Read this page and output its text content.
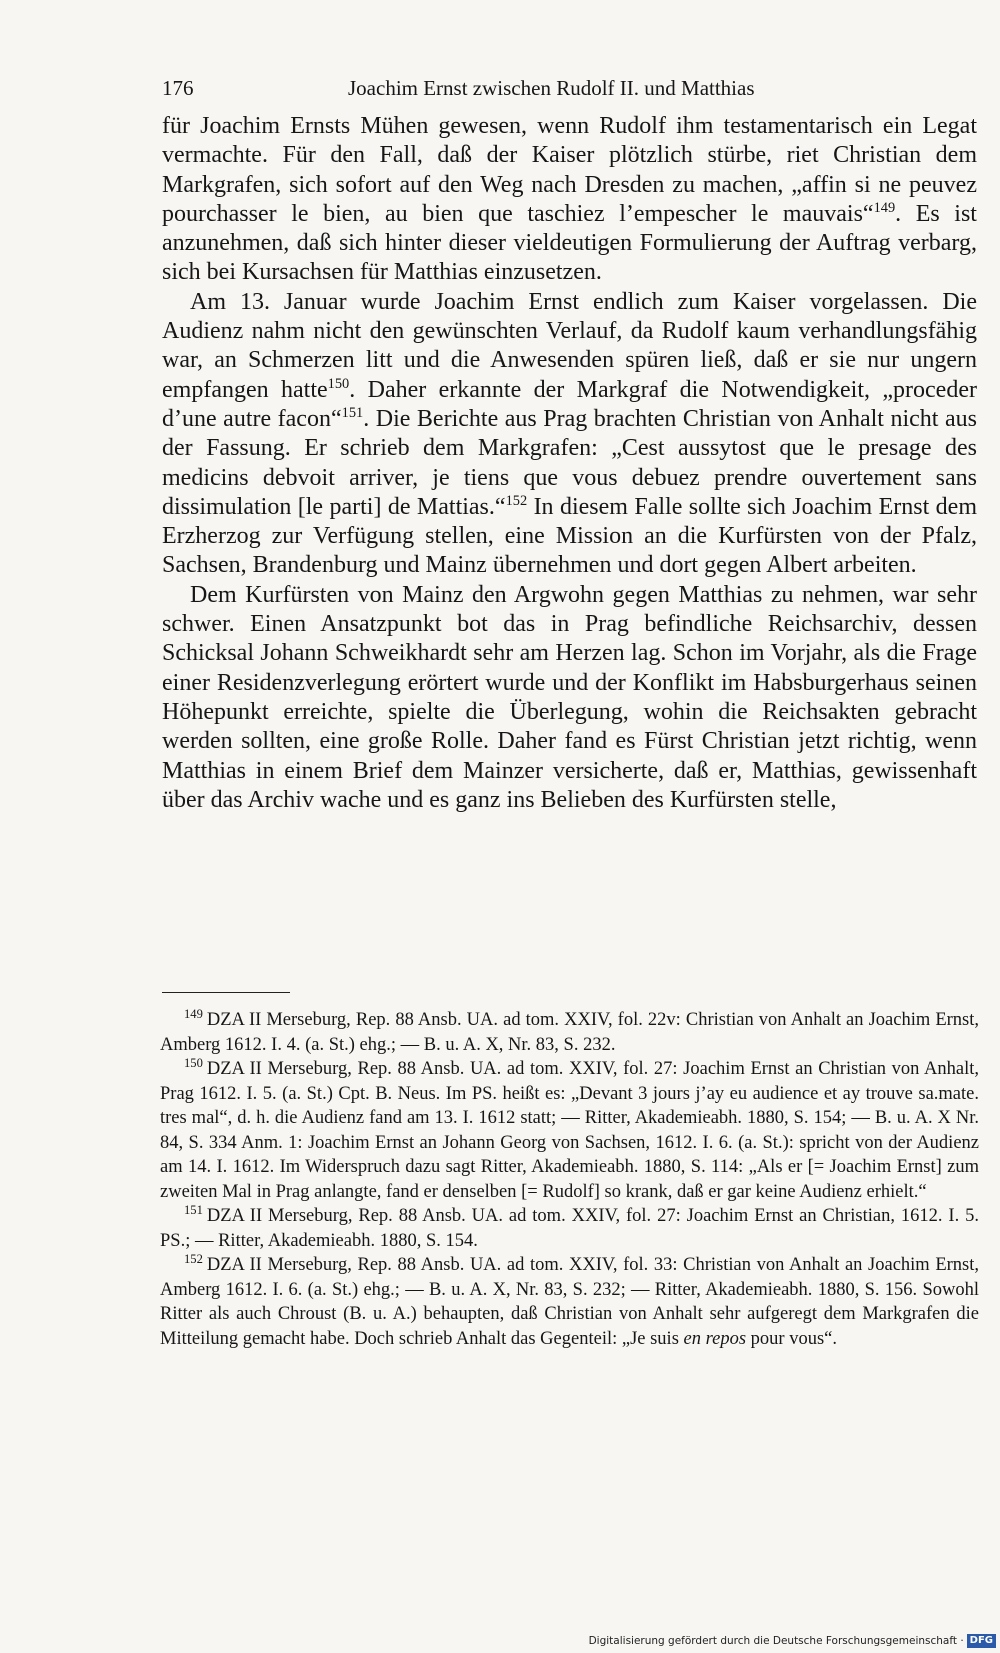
176	Joachim Ernst zwischen Rudolf II. und Matthias

für Joachim Ernsts Mühen gewesen, wenn Rudolf ihm testamentarisch ein Legat vermachte. Für den Fall, daß der Kaiser plötzlich stürbe, riet Christian dem Markgrafen, sich sofort auf den Weg nach Dresden zu machen, „affin si ne peuvez pourchasser le bien, au bien que taschiez l’empescher le mauvais“$^{149}$. Es ist anzunehmen, daß sich hinter dieser vieldeutigen Formulierung der Auftrag verbarg, sich bei Kursachsen für Matthias einzusetzen.

Am 13. Januar wurde Joachim Ernst endlich zum Kaiser vorgelassen. Die Audienz nahm nicht den gewünschten Verlauf, da Rudolf kaum verhandlungsfähig war, an Schmerzen litt und die Anwesenden spüren ließ, daß er sie nur ungern empfangen hatte$^{150}$. Daher erkannte der Markgraf die Notwendigkeit, „proceder d’une autre facon“$^{151}$. Die Berichte aus Prag brachten Christian von Anhalt nicht aus der Fassung. Er schrieb dem Markgrafen: „Cest aussytost que le presage des medicins debvoit arriver, je tiens que vous debuez prendre ouvertement sans dissimulation [le parti] de Mattias.“$^{152}$ In diesem Falle sollte sich Joachim Ernst dem Erzherzog zur Verfügung stellen, eine Mission an die Kurfürsten von der Pfalz, Sachsen, Brandenburg und Mainz übernehmen und dort gegen Albert arbeiten.

Dem Kurfürsten von Mainz den Argwohn gegen Matthias zu nehmen, war sehr schwer. Einen Ansatzpunkt bot das in Prag befindliche Reichsarchiv, dessen Schicksal Johann Schweikhardt sehr am Herzen lag. Schon im Vorjahr, als die Frage einer Residenzverlegung erörtert wurde und der Konflikt im Habsburgerhaus seinen Höhepunkt erreichte, spielte die Überlegung, wohin die Reichsakten gebracht werden sollten, eine große Rolle. Daher fand es Fürst Christian jetzt richtig, wenn Matthias in einem Brief dem Mainzer versicherte, daß er, Matthias, gewissenhaft über das Archiv wache und es ganz ins Belieben des Kurfürsten stelle,

$^{149}$ DZA II Merseburg, Rep. 88 Ansb. UA. ad tom. XXIV, fol. 22v: Christian von Anhalt an Joachim Ernst, Amberg 1612. I. 4. (a. St.) ehg.; — B. u. A. X, Nr. 83, S. 232.

$^{150}$ DZA II Merseburg, Rep. 88 Ansb. UA. ad tom. XXIV, fol. 27: Joachim Ernst an Christian von Anhalt, Prag 1612. I. 5. (a. St.) Cpt. B. Neus. Im PS. heißt es: „Devant 3 jours j’ay eu audience et ay trouve sa.mate. tres mal“, d. h. die Audienz fand am 13. I. 1612 statt; — Ritter, Akademieabh. 1880, S. 154; — B. u. A. X Nr. 84, S. 334 Anm. 1: Joachim Ernst an Johann Georg von Sachsen, 1612. I. 6. (a. St.): spricht von der Audienz am 14. I. 1612. Im Widerspruch dazu sagt Ritter, Akademieabh. 1880, S. 114: „Als er [= Joachim Ernst] zum zweiten Mal in Prag anlangte, fand er denselben [= Rudolf] so krank, daß er gar keine Audienz erhielt.“

$^{151}$ DZA II Merseburg, Rep. 88 Ansb. UA. ad tom. XXIV, fol. 27: Joachim Ernst an Christian, 1612. I. 5. PS.; — Ritter, Akademieabh. 1880, S. 154.

$^{152}$ DZA II Merseburg, Rep. 88 Ansb. UA. ad tom. XXIV, fol. 33: Christian von Anhalt an Joachim Ernst, Amberg 1612. I. 6. (a. St.) ehg.; — B. u. A. X, Nr. 83, S. 232; — Ritter, Akademieabh. 1880, S. 156. Sowohl Ritter als auch Chroust (B. u. A.) behaupten, daß Christian von Anhalt sehr aufgeregt dem Markgrafen die Mitteilung gemacht habe. Doch schrieb Anhalt das Gegenteil: „Je suis en repos pour vous“.

Digitalisierung gefördert durch die Deutsche Forschungsgemeinschaft · DFG
